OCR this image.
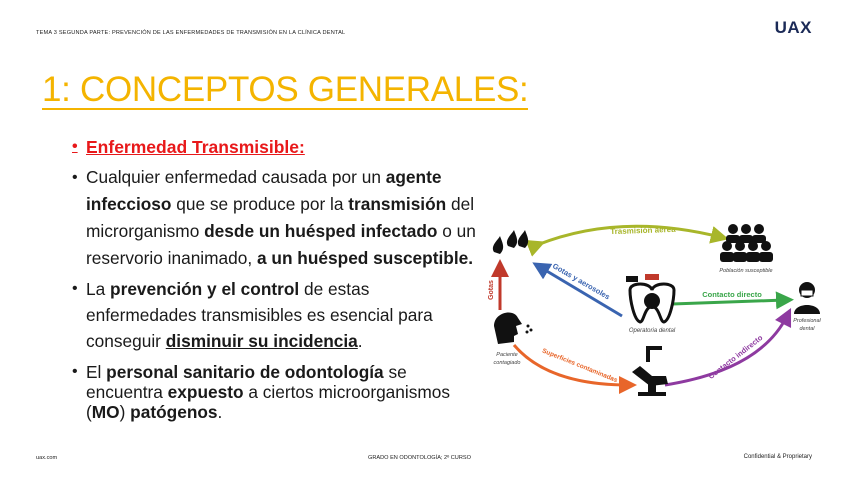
TEMA 3 SEGUNDA PARTE: PREVENCIÓN DE LAS ENFERMEDADES DE TRANSMISIÓN EN LA CLÍNICA DENTAL	UAX
1: CONCEPTOS GENERALES:
• Enfermedad Transmisible:
• Cualquier enfermedad causada por un agente infeccioso que se produce por la transmisión del microrganismo desde un huésped infectado o un reservorio inanimado, a un huésped susceptible.
• La prevención y el control de estas enfermedades transmisibles es esencial para conseguir disminuir su incidencia.
• El personal sanitario de odontología se encuentra expuesto a ciertos microorganismos (MO) patógenos.
Trasmisión aérea
Gotas y aerosoles	Contacto directo
Contacto indirecto
Superficies contaminadas
Gotas
Población susceptible
Operatoria dental
Profesional
dental
Paciente
contagiado
uax.com	GRADO EN ODONTOLOGÍA; 2º CURSO	Confidential & Proprietary
